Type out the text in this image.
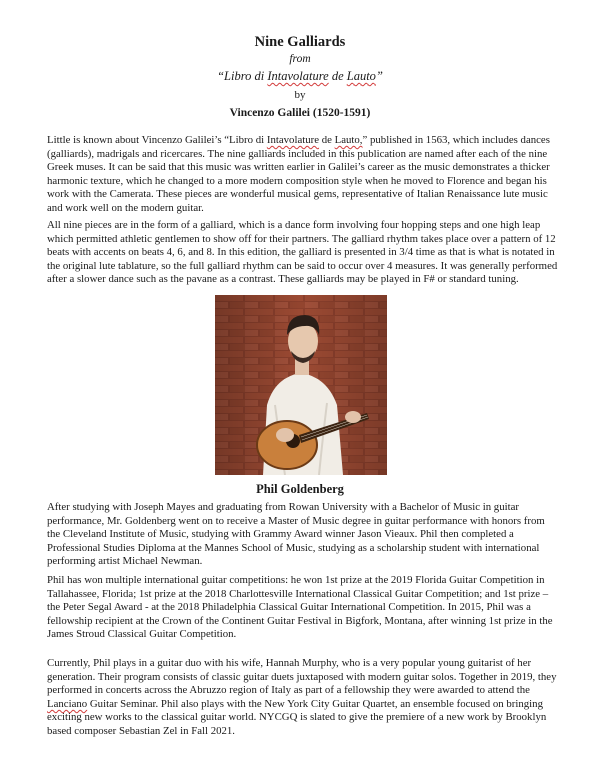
Nine Galliards
from
“Libro di Intavolature de Lauto”
by
Vincenzo Galilei (1520-1591)

Little is known about Vincenzo Galilei’s “Libro di Intavolature de Lauto,” published in 1563, which includes dances (galliards), madrigals and ricercares. The nine galliards included in this publication are named after each of the nine Greek muses. It can be said that this music was written earlier in Galilei’s career as the music demonstrates a thicker harmonic texture, which he changed to a more modern composition style when he moved to Florence and began his work with the Camerata. These pieces are wonderful musical gems, representative of Italian Renaissance lute music and work well on the modern guitar.

All nine pieces are in the form of a galliard, which is a dance form involving four hopping steps and one high leap which permitted athletic gentlemen to show off for their partners. The galliard rhythm takes place over a pattern of 12 beats with accents on beats 4, 6, and 8. In this edition, the galliard is presented in 3/4 time as that is what is notated in the original lute tablature, so the full galliard rhythm can be said to occur over 4 measures. It was generally performed after a slower dance such as the pavane as a contrast. These galliards may be played in F# or standard tuning.

Phil Goldenberg

After studying with Joseph Mayes and graduating from Rowan University with a Bachelor of Music in guitar performance, Mr. Goldenberg went on to receive a Master of Music degree in guitar performance with honors from the Cleveland Institute of Music, studying with Grammy Award winner Jason Vieaux. Phil then completed a Professional Studies Diploma at the Mannes School of Music, studying as a scholarship student with international performing artist Michael Newman.

Phil has won multiple international guitar competitions: he won 1st prize at the 2019 Florida Guitar Competition in Tallahassee, Florida; 1st prize at the 2018 Charlottesville International Classical Guitar Competition; and 1st prize – the Peter Segal Award - at the 2018 Philadelphia Classical Guitar International Competition. In 2015, Phil was a fellowship recipient at the Crown of the Continent Guitar Festival in Bigfork, Montana, after winning 1st prize in the James Stroud Classical Guitar Competition.

Currently, Phil plays in a guitar duo with his wife, Hannah Murphy, who is a very popular young guitarist of her generation. Their program consists of classic guitar duets juxtaposed with modern guitar solos. Together in 2019, they performed in concerts across the Abruzzo region of Italy as part of a fellowship they were awarded to attend the Lanciano Guitar Seminar. Phil also plays with the New York City Guitar Quartet, an ensemble focused on bringing exciting new works to the classical guitar world. NYCGQ is slated to give the premiere of a new work by Brooklyn based composer Sebastian Zel in Fall 2021.
